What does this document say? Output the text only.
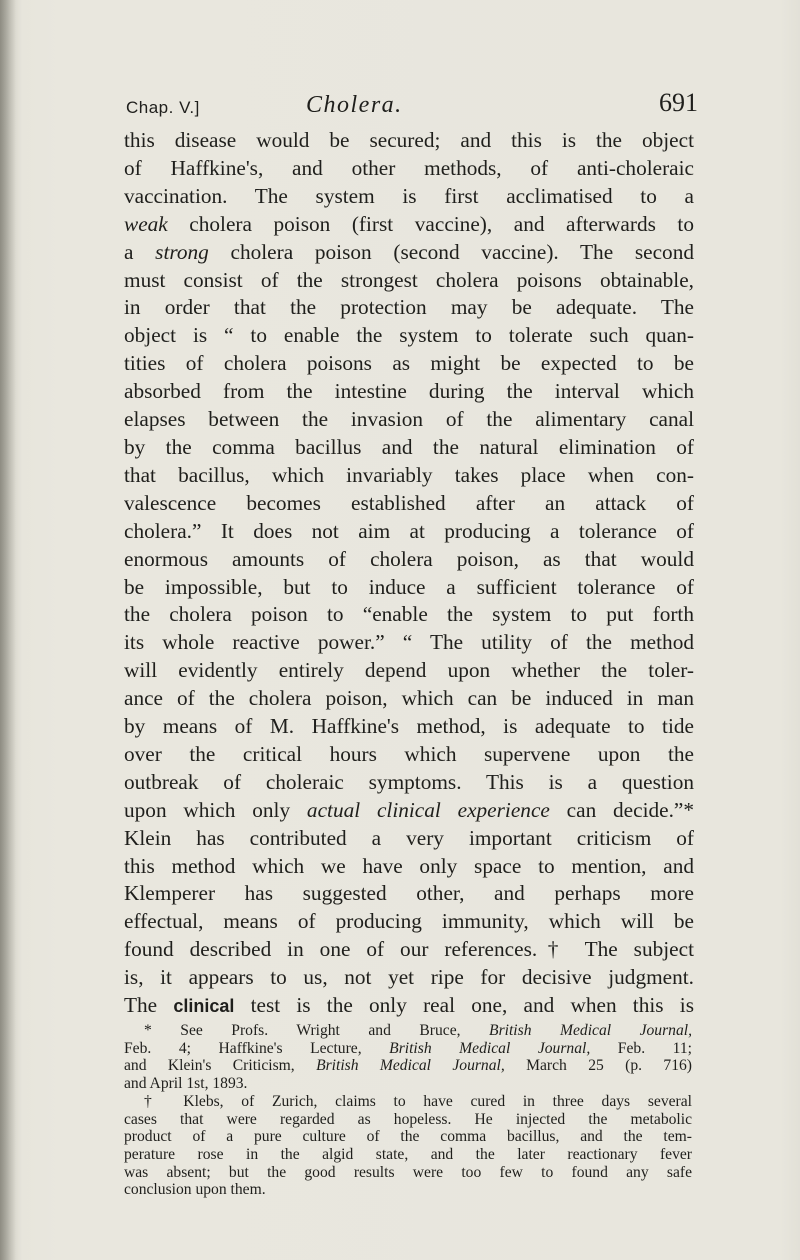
Chap. V.]	Cholera.	691
this disease would be secured; and this is the object
of Haffkine's, and other methods, of anti-choleraic
vaccination. The system is first acclimatised to a
weak cholera poison (first vaccine), and afterwards to
a strong cholera poison (second vaccine). The second
must consist of the strongest cholera poisons obtainable,
in order that the protection may be adequate. The
object is “ to enable the system to tolerate such quan-
tities of cholera poisons as might be expected to be
absorbed from the intestine during the interval which
elapses between the invasion of the alimentary canal
by the comma bacillus and the natural elimination of
that bacillus, which invariably takes place when con-
valescence becomes established after an attack of
cholera.” It does not aim at producing a tolerance of
enormous amounts of cholera poison, as that would
be impossible, but to induce a sufficient tolerance of
the cholera poison to “enable the system to put forth
its whole reactive power.” “ The utility of the method
will evidently entirely depend upon whether the toler-
ance of the cholera poison, which can be induced in man
by means of M. Haffkine's method, is adequate to tide
over the critical hours which supervene upon the
outbreak of choleraic symptoms. This is a question
upon which only actual clinical experience can decide.”*
Klein has contributed a very important criticism of
this method which we have only space to mention, and
Klemperer has suggested other, and perhaps more
effectual, means of producing immunity, which will be
found described in one of our references.† The subject
is, it appears to us, not yet ripe for decisive judgment.
The clinical test is the only real one, and when this is
* See Profs. Wright and Bruce, British Medical Journal,
Feb. 4; Haffkine's Lecture, British Medical Journal, Feb. 11;
and Klein's Criticism, British Medical Journal, March 25 (p. 716)
and April 1st, 1893.
† Klebs, of Zurich, claims to have cured in three days several
cases that were regarded as hopeless. He injected the metabolic
product of a pure culture of the comma bacillus, and the tem-
perature rose in the algid state, and the later reactionary fever
was absent; but the good results were too few to found any safe
conclusion upon them.
